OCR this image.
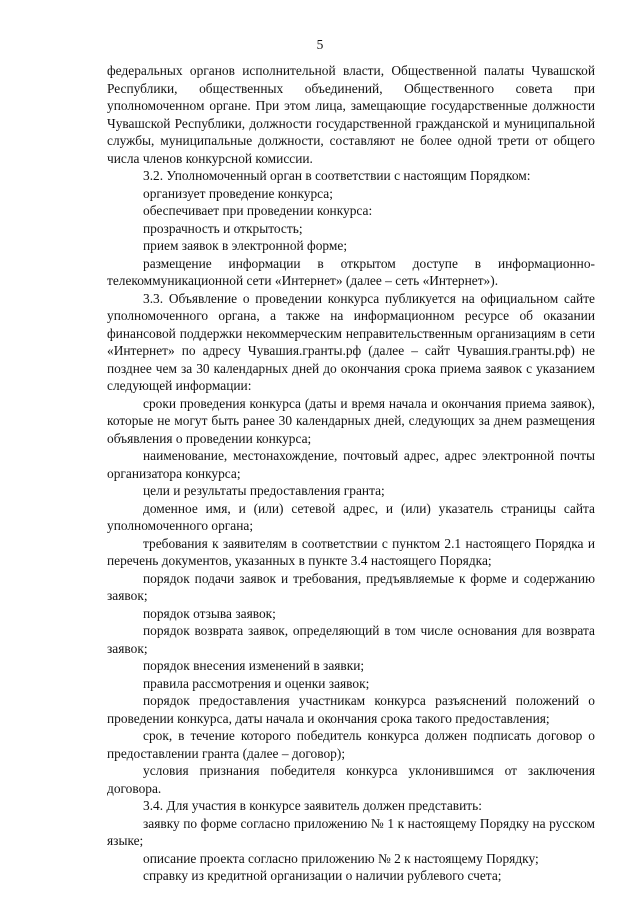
5

федеральных органов исполнительной власти, Общественной палаты Чувашской Республики, общественных объединений, Общественного совета при уполномоченном органе. При этом лица, замещающие государственные должности Чувашской Республики, должности государственной гражданской и муниципальной службы, муниципальные должности, составляют не более одной трети от общего числа членов конкурсной комиссии.

3.2. Уполномоченный орган в соответствии с настоящим Порядком:

организует проведение конкурса;

обеспечивает при проведении конкурса:

прозрачность и открытость;

прием заявок в электронной форме;

размещение информации в открытом доступе в информационно-телекоммуникационной сети «Интернет» (далее – сеть «Интернет»).

3.3. Объявление о проведении конкурса публикуется на официальном сайте уполномоченного органа, а также на информационном ресурсе об оказании финансовой поддержки некоммерческим неправительственным организациям в сети «Интернет» по адресу Чувашия.гранты.рф (далее – сайт Чувашия.гранты.рф) не позднее чем за 30 календарных дней до окончания срока приема заявок с указанием следующей информации:

сроки проведения конкурса (даты и время начала и окончания приема заявок), которые не могут быть ранее 30 календарных дней, следующих за днем размещения объявления о проведении конкурса;

наименование, местонахождение, почтовый адрес, адрес электронной почты организатора конкурса;

цели и результаты предоставления гранта;

доменное имя, и (или) сетевой адрес, и (или) указатель страницы сайта уполномоченного органа;

требования к заявителям в соответствии с пунктом 2.1 настоящего Порядка и перечень документов, указанных в пункте 3.4 настоящего Порядка;

порядок подачи заявок и требования, предъявляемые к форме и содержанию заявок;

порядок отзыва заявок;

порядок возврата заявок, определяющий в том числе основания для возврата заявок;

порядок внесения изменений в заявки;

правила рассмотрения и оценки заявок;

порядок предоставления участникам конкурса разъяснений положений о проведении конкурса, даты начала и окончания срока такого предоставления;

срок, в течение которого победитель конкурса должен подписать договор о предоставлении гранта (далее – договор);

условия признания победителя конкурса уклонившимся от заключения договора.

3.4. Для участия в конкурсе заявитель должен представить:

заявку по форме согласно приложению № 1 к настоящему Порядку на русском языке;

описание проекта согласно приложению № 2 к настоящему Порядку;

справку из кредитной организации о наличии рублевого счета;
